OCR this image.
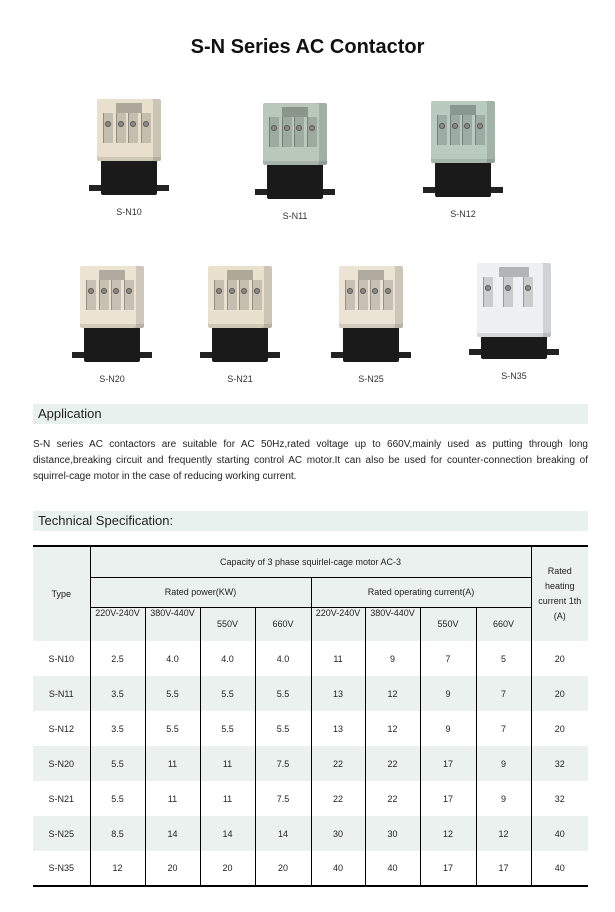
S-N Series AC Contactor
S-N10	S-N11	S-N12
S-N20	S-N21	S-N25	S-N35
Application
S-N series AC contactors are suitable for AC 50Hz,rated voltage up to 660V,mainly used as putting through long distance,breaking circuit and frequently starting control AC motor.It can also be used for counter-connection breaking of squirrel-cage motor in the case of reducing working current.
Technical Specification:
Type	Capacity of 3 phase squirlel-cage motor AC-3								Rated heating current 1th (A)
	Rated power(KW)				Rated operating current(A)				
	220V-240V	380V-440V	550V	660V	220V-240V	380V-440V	550V	660V	

S-N10	2.5	4.0	4.0	4.0	11	9	7	5	20
S-N11	3.5	5.5	5.5	5.5	13	12	9	7	20
S-N12	3.5	5.5	5.5	5.5	13	12	9	7	20
S-N20	5.5	11	11	7.5	22	22	17	9	32
S-N21	5.5	11	11	7.5	22	22	17	9	32
S-N25	8.5	14	14	14	30	30	12	12	40
S-N35	12	20	20	20	40	40	17	17	40
